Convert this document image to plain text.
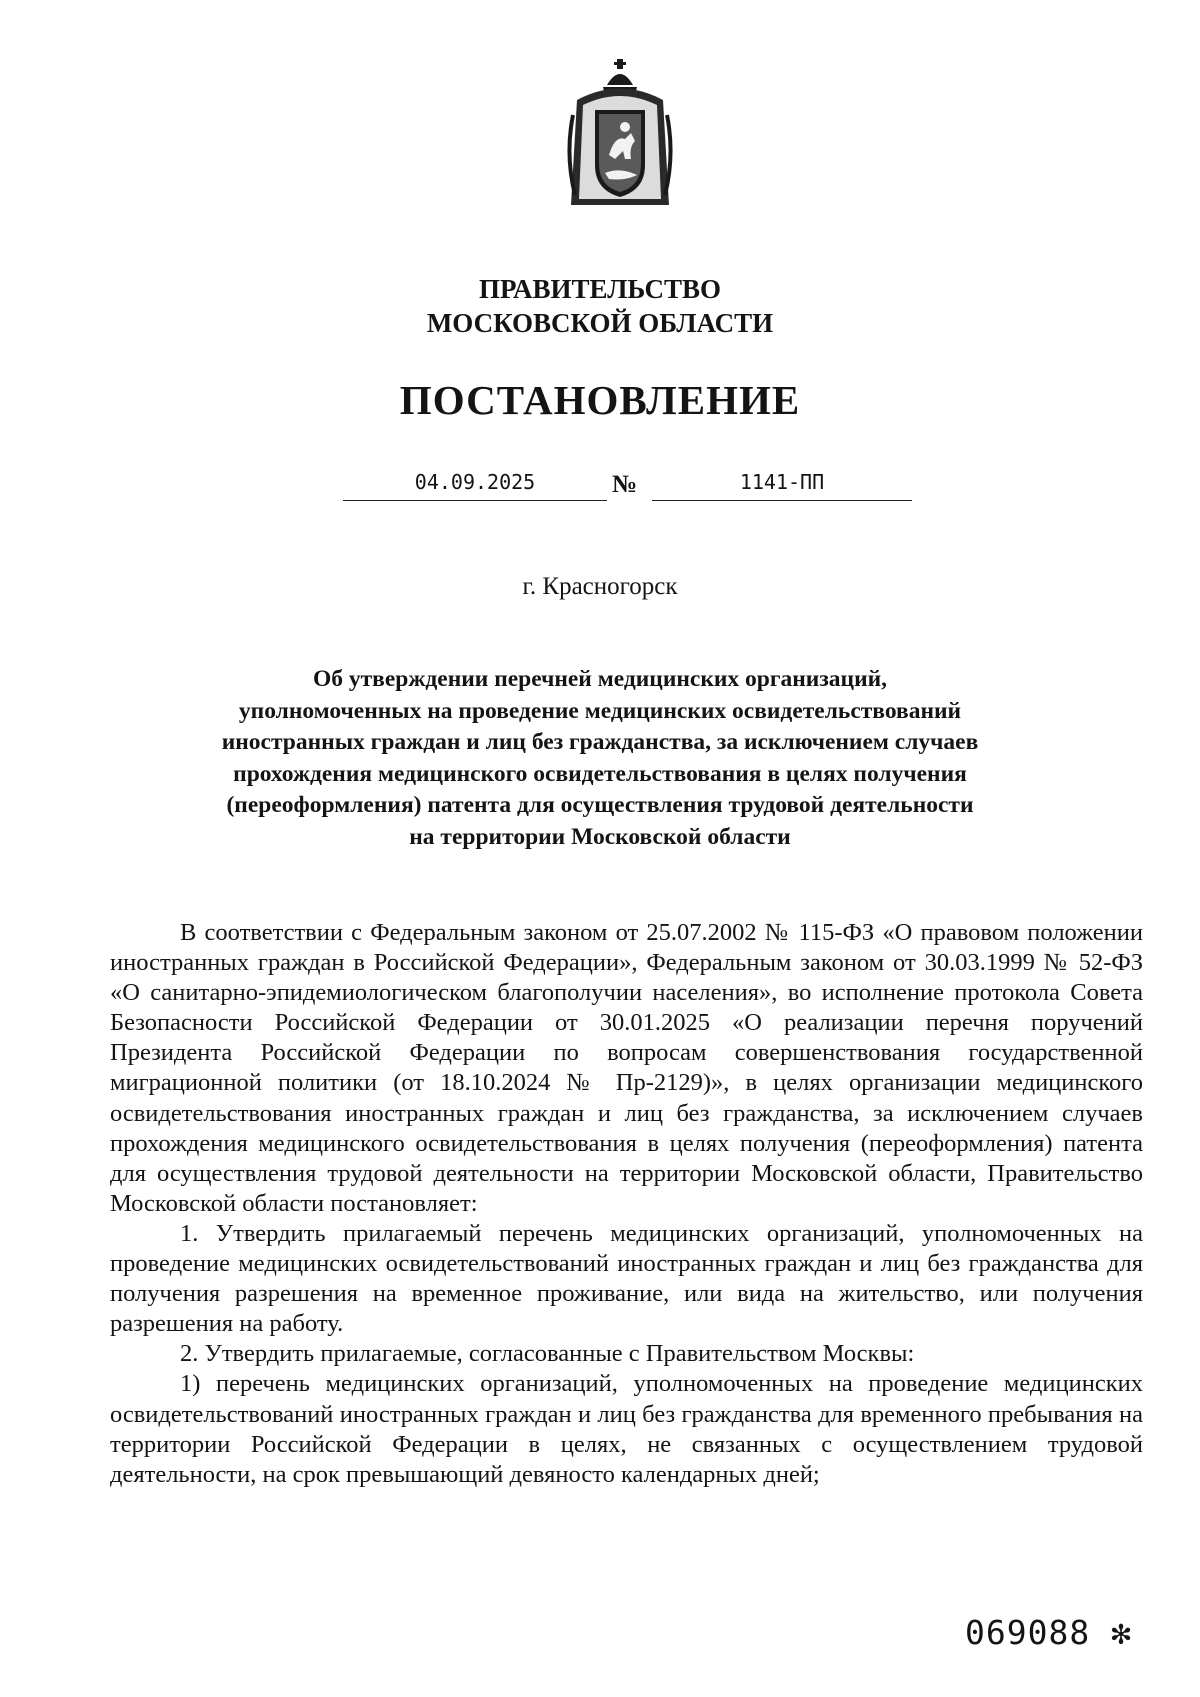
ПРАВИТЕЛЬСТВО
МОСКОВСКОЙ ОБЛАСТИ
ПОСТАНОВЛЕНИЕ
04.09.2025	№	1141-ПП
г. Красногорск
Об утверждении перечней медицинских организаций,
уполномоченных на проведение медицинских освидетельствований
иностранных граждан и лиц без гражданства, за исключением случаев
прохождения медицинского освидетельствования в целях получения
(переоформления) патента для осуществления трудовой деятельности
на территории Московской области

В соответствии с Федеральным законом от 25.07.2002 № 115-ФЗ «О правовом положении иностранных граждан в Российской Федерации», Федеральным законом от 30.03.1999 № 52-ФЗ «О санитарно-эпидемиологическом благополучии населения», во исполнение протокола Совета Безопасности Российской Федерации от 30.01.2025 «О реализации перечня поручений Президента Российской Федерации по вопросам совершенствования государственной миграционной политики (от 18.10.2024 № Пр-2129)», в целях организации медицинского освидетельствования иностранных граждан и лиц без гражданства, за исключением случаев прохождения медицинского освидетельствования в целях получения (переоформления) патента для осуществления трудовой деятельности на территории Московской области, Правительство Московской области постановляет:

1. Утвердить прилагаемый перечень медицинских организаций, уполномоченных на проведение медицинских освидетельствований иностранных граждан и лиц без гражданства для получения разрешения на временное проживание, или вида на жительство, или получения разрешения на работу.

2. Утвердить прилагаемые, согласованные с Правительством Москвы:

1) перечень медицинских организаций, уполномоченных на проведение медицинских освидетельствований иностранных граждан и лиц без гражданства для временного пребывания на территории Российской Федерации в целях, не связанных с осуществлением трудовой деятельности, на срок превышающий девяносто календарных дней;

069088 ✻
